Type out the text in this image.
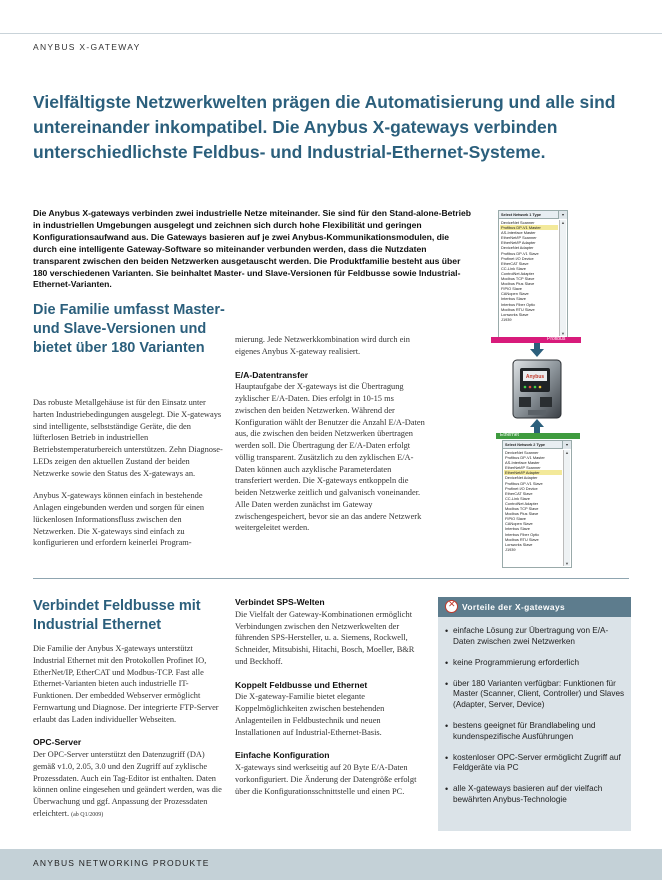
ANYBUS X-GATEWAY
Vielfältigste Netzwerkwelten prägen die Automatisierung und alle sind untereinander inkompatibel. Die Anybus X-gateways verbinden unterschiedlichste Feldbus- und Industrial-Ethernet-Systeme.
Die Anybus X-gateways verbinden zwei industrielle Netze miteinander. Sie sind für den Stand-alone-Betrieb in industriellen Umgebungen ausgelegt und zeichnen sich durch hohe Flexibilität und geringen Konfigurationsaufwand aus. Die Gateways basieren auf je zwei Anybus-Kommunikationsmodulen, die durch eine intelligente Gateway-Software so miteinander verbunden werden, dass die Nutzdaten transparent zwischen den beiden Netzwerken ausgetauscht werden. Die Produktfamilie besteht aus über 180 verschiedenen Varianten. Sie beinhaltet Master- und Slave-Versionen für Feldbusse sowie Industrial-Ethernet-Varianten.
Select Network 1 Type	▾
DeviceNet Scanner
Profibus DP-V1 Master
AS-Interface Master
EtherNet/IP Scanner
EtherNet/IP Adapter
DeviceNet Adapter
Profibus DP-V1 Slave
Profinet I/O Device
EtherCAT Slave
CC-Link Slave
ControlNet Adapter
Modbus TCP Slave
Modbus Plus Slave
FIPIO Slave
CANopen Slave
Interbus Slave
Interbus Fiber Optic
Modbus RTU Slave
Lonworks Slave
J1939
▲ ▼
Profibus
Anybus
Ethernet
Select Network 2 Type	▾
DeviceNet Scanner
Profibus DP-V1 Master
AS-Interface Master
EtherNet/IP Scanner
EtherNet/IP Adapter
DeviceNet Adapter
Profibus DP-V1 Slave
Profinet I/O Device
EtherCAT Slave
CC-Link Slave
ControlNet Adapter
Modbus TCP Slave
Modbus Plus Slave
FIPIO Slave
CANopen Slave
Interbus Slave
Interbus Fiber Optic
Modbus RTU Slave
Lonworks Slave
J1939
▲ ▼
Die Familie umfasst Master- und Slave-Versionen und bietet über 180 Varianten

Das robuste Metallgehäuse ist für den Einsatz unter harten Industriebedingungen ausgelegt. Die X-gateways sind intelligente, selbstständige Geräte, die den lüfterlosen Betrieb in industriellen Betriebstemperaturbereich unterstützen. Zehn Diagnose-LEDs zeigen den aktuellen Zustand der beiden Netzwerke sowie den Status des X-gateways an.

Anybus X-gateways können einfach in bestehende Anlagen eingebunden werden und sorgen für einen lückenlosen Informationsfluss zwischen den Netzwerken. Die X-gateways sind einfach zu konfigurieren und erfordern keinerlei Program-

mierung. Jede Netzwerkkombination wird durch ein eigenes Anybus X-gateway realisiert.

E/A-Datentransfer

Hauptaufgabe der X-gateways ist die Übertragung zyklischer E/A-Daten. Dies erfolgt in 10-15 ms zwischen den beiden Netzwerken. Während der Konfiguration wählt der Benutzer die Anzahl E/A-Daten aus, die zwischen den beiden Netzwerken übertragen werden soll. Die Übertragung der E/A-Daten erfolgt völlig transparent. Zusätzlich zu den zyklischen E/A-Daten können auch azyklische Parameterdaten transferiert werden. Die X-gateways entkoppeln die beiden Netzwerke zeitlich und galvanisch voneinander. Alle Daten werden zunächst im Gateway zwischengespeichert, bevor sie an das andere Netzwerk weitergeleitet werden.

Verbindet Feldbusse mit Industrial Ethernet

Die Familie der Anybus X-gateways unterstützt Industrial Ethernet mit den Protokollen Profinet IO, EtherNet/IP, EtherCAT und Modbus-TCP. Fast alle Ethernet-Varianten bieten auch industrielle IT-Funktionen. Der embedded Webserver ermöglicht Fernwartung und Diagnose. Der integrierte FTP-Server erlaubt das Laden individueller Webseiten.

OPC-Server

Der OPC-Server unterstützt den Datenzugriff (DA) gemäß v1.0, 2.05, 3.0 und den Zugriff auf zyklische Prozessdaten. Auch ein Tag-Editor ist enthalten. Daten können online eingesehen und geändert werden, was die Überwachung und ggf. Anpassung der Prozessdaten erleichtert. (ab Q1/2009)

Verbindet SPS-Welten

Die Vielfalt der Gateway-Kombinationen ermöglicht Verbindungen zwischen den Netzwerkwelten der führenden SPS-Hersteller, u. a. Siemens, Rockwell, Schneider, Mitsubishi, Hitachi, Bosch, Moeller, B&R und Beckhoff.

Koppelt Feldbusse und Ethernet

Die X-gateway-Familie bietet elegante Koppelmöglichkeiten zwischen bestehenden Anlagenteilen in Feldbustechnik und neuen Installationen auf Industrial-Ethernet-Basis.

Einfache Konfiguration

X-gateways sind werkseitig auf 20 Byte E/A-Daten vorkonfiguriert. Die Änderung der Datengröße erfolgt über die Konfigurationsschnittstelle und einen PC.

✕
Vorteile der X-gateways
• einfache Lösung zur Übertragung von E/A-Daten zwischen zwei Netzwerken
• keine Programmierung erforderlich
• über 180 Varianten verfügbar: Funktionen für Master (Scanner, Client, Controller) und Slaves (Adapter, Server, Device)
• bestens geeignet für Brandlabeling und kundenspezifische Ausführungen
• kostenloser OPC-Server ermöglicht Zugriff auf Feldgeräte via PC
• alle X-gateways basieren auf der vielfach bewährten Anybus-Technologie
ANYBUS NETWORKING PRODUKTE
